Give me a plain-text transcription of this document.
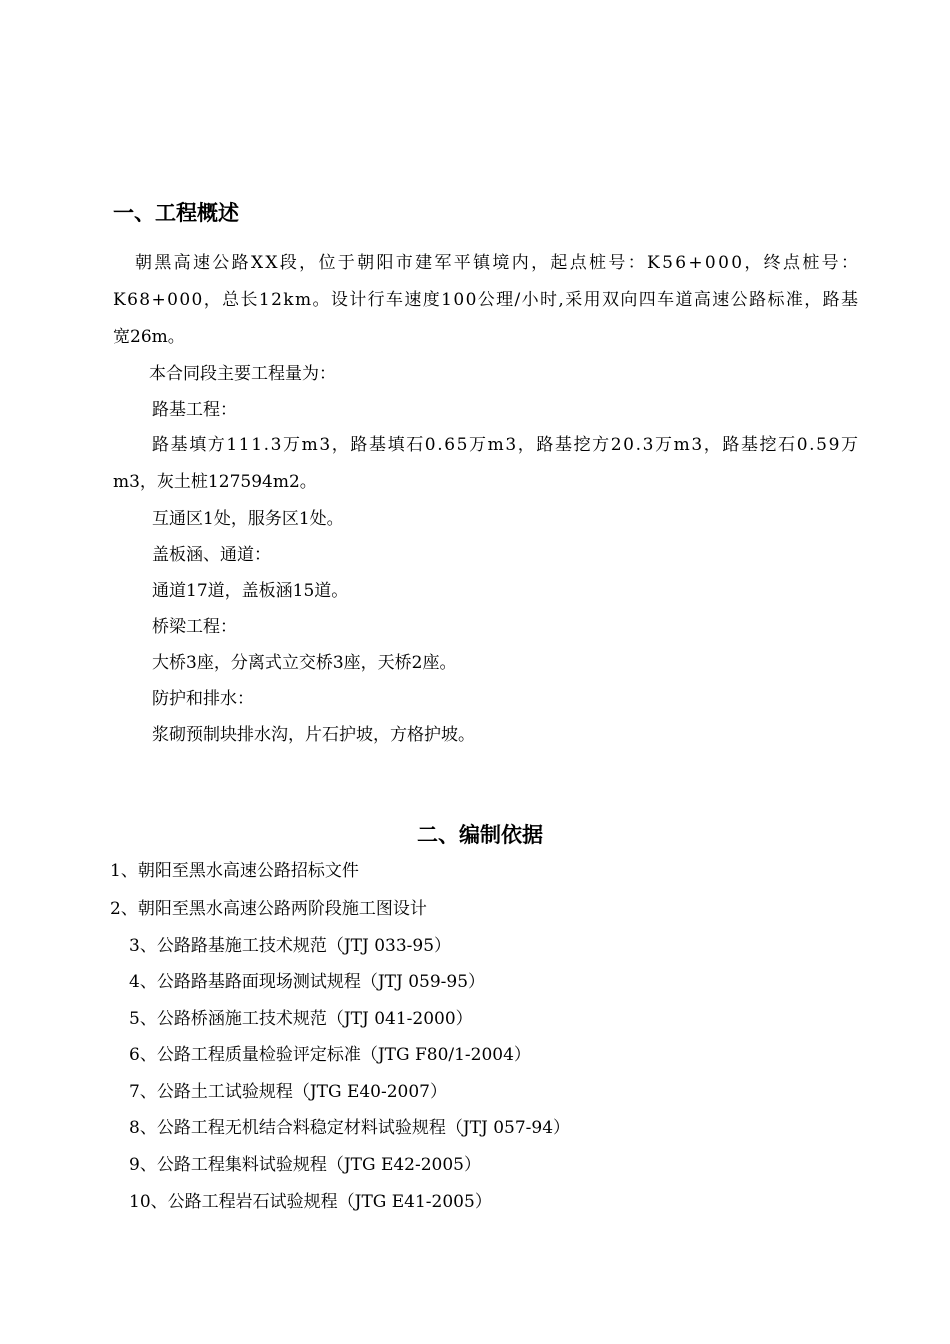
一、工程概述
朝黑高速公路XX段，位于朝阳市建军平镇境内，起点桩号：K56+000，终点桩号：
K68+000，总长12km。设计行车速度100公理/小时,采用双向四车道高速公路标准，路基
宽26m。
本合同段主要工程量为：
路基工程：
路基填方111.3万m3，路基填石0.65万m3，路基挖方20.3万m3，路基挖石0.59万
m3，灰土桩127594m2。
互通区1处，服务区1处。
盖板涵、通道：
通道17道，盖板涵15道。
桥梁工程：
大桥3座，分离式立交桥3座，天桥2座。
防护和排水：
浆砌预制块排水沟，片石护坡，方格护坡。
二、编制依据
1、朝阳至黑水高速公路招标文件
2、朝阳至黑水高速公路两阶段施工图设计
3、公路路基施工技术规范（JTJ 033-95）
4、公路路基路面现场测试规程（JTJ 059-95）
5、公路桥涵施工技术规范（JTJ 041-2000）
6、公路工程质量检验评定标准（JTG F80/1-2004）
7、公路土工试验规程（JTG E40-2007）
8、公路工程无机结合料稳定材料试验规程（JTJ 057-94）
9、公路工程集料试验规程（JTG E42-2005）
10、公路工程岩石试验规程（JTG E41-2005）
